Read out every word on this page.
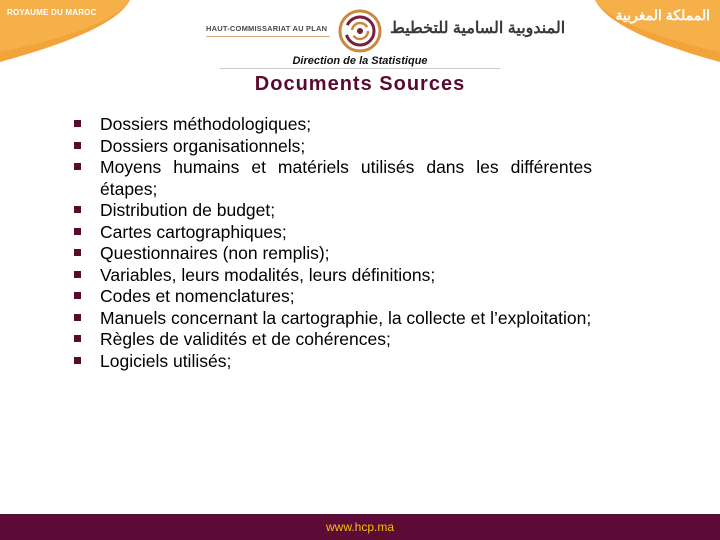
ROYAUME DU MAROC	المملكة المغربية
HAUT-COMMISSARIAT AU PLAN	المندوبية السامية للتخطيط
Direction de la Statistique
Documents Sources
Dossiers méthodologiques;
Dossiers organisationnels;
Moyens humains et matériels utilisés dans les différentes étapes;
Distribution de budget;
Cartes cartographiques;
Questionnaires (non remplis);
Variables, leurs modalités, leurs définitions;
Codes et nomenclatures;
Manuels concernant la cartographie, la collecte et l’exploitation;
Règles de validités et de cohérences;
Logiciels utilisés;
www.hcp.ma
